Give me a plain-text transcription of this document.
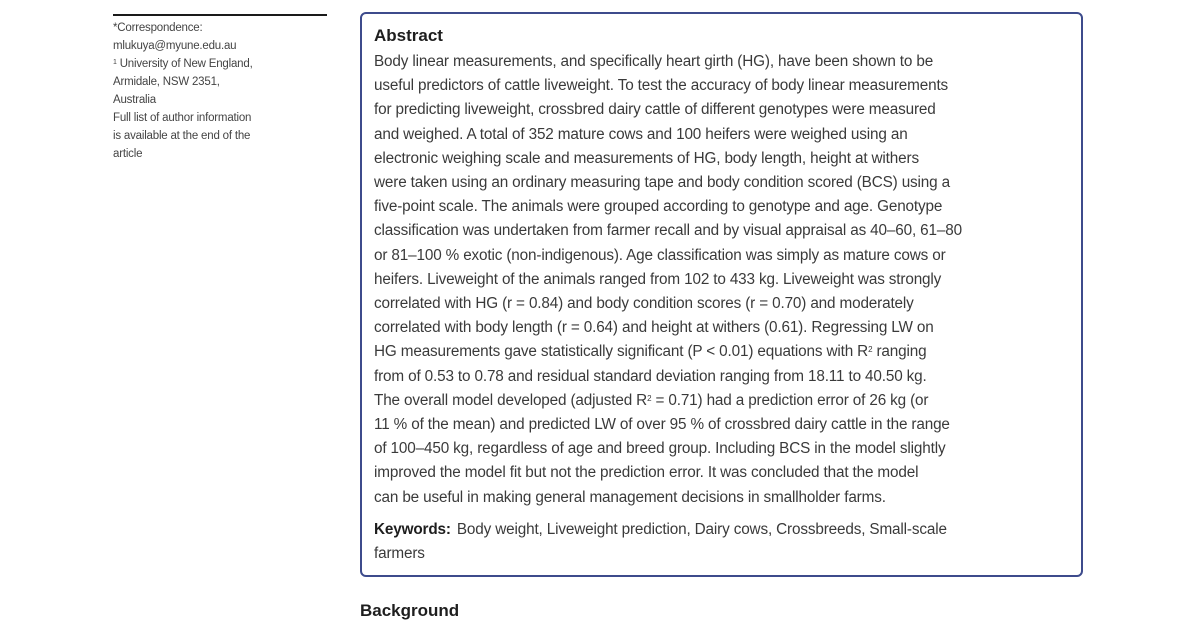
*Correspondence:
mlukuya@myune.edu.au
$^1$ University of New England,
Armidale, NSW 2351,
Australia
Full list of author information
is available at the end of the
article
Abstract
Body linear measurements, and specifically heart girth (HG), have been shown to be
useful predictors of cattle liveweight. To test the accuracy of body linear measurements
for predicting liveweight, crossbred dairy cattle of different genotypes were measured
and weighed. A total of 352 mature cows and 100 heifers were weighed using an
electronic weighing scale and measurements of HG, body length, height at withers
were taken using an ordinary measuring tape and body condition scored (BCS) using a
five-point scale. The animals were grouped according to genotype and age. Genotype
classification was undertaken from farmer recall and by visual appraisal as 40–60, 61–80
or 81–100 % exotic (non-indigenous). Age classification was simply as mature cows or
heifers. Liveweight of the animals ranged from 102 to 433 kg. Liveweight was strongly
correlated with HG (r = 0.84) and body condition scores (r = 0.70) and moderately
correlated with body length (r = 0.64) and height at withers (0.61). Regressing LW on
HG measurements gave statistically significant (P < 0.01) equations with $R^2$ ranging
from of 0.53 to 0.78 and residual standard deviation ranging from 18.11 to 40.50 kg.
The overall model developed (adjusted $R^2 = 0.71$) had a prediction error of 26 kg (or
11 % of the mean) and predicted LW of over 95 % of crossbred dairy cattle in the range
of 100–450 kg, regardless of age and breed group. Including BCS in the model slightly
improved the model fit but not the prediction error. It was concluded that the model
can be useful in making general management decisions in smallholder farms.
Keywords: Body weight, Liveweight prediction, Dairy cows, Crossbreeds, Small-scale
farmers
Background
